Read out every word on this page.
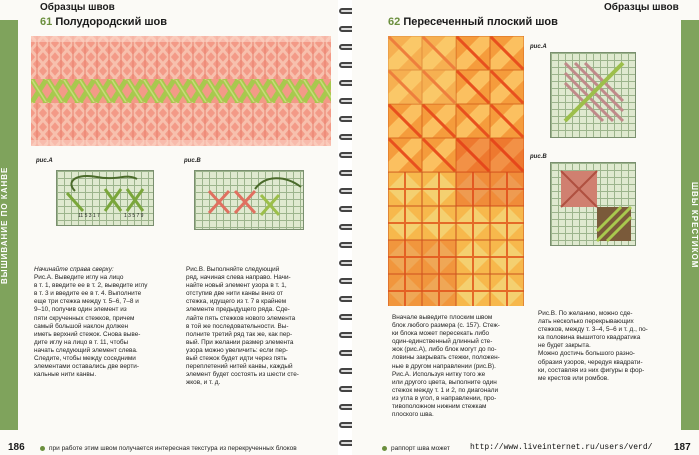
Образцы швов
ВЫШИВАНИЕ ПО КАНВЕ
61 Полудородский шов
рис.А
11 5 3 1 7	1 3 5 7 9
рис.В
Начинайте справа сверху:
Рис.А. Выведите иглу на лицо
в т. 1, введите ее в т. 2, выведите иглу
в т. 3 и введите ее в т. 4. Выполните
еще три стежка между т. 5–6, 7–8 и
9–10, получив один элемент из
пяти скрученных стежков, причем
самый большой наклон должен
иметь верхний стежок. Снова выве-
дите иглу на лицо в т. 11, чтобы
начать следующий элемент слева.
Следите, чтобы между соседними
элементами оставались две верти-
кальные нити канвы.
Рис.В. Выполняйте следующий
ряд, начиная слева направо. Начи-
найте новый элемент узора в т. 1,
отступив две нити канвы вниз от
стежка, идущего из т. 7 в крайнем
элементе предыдущего ряда. Сде-
лайте пять стежков нового элемента
в той же последовательности. Вы-
полните третий ряд так же, как пер-
вый. При желании размер элемента
узора можно увеличить: если пер-
вый стежок будет идти через пять
переплетений нитей канвы, каждый
элемент будет состоять из шести сте-
жков, и т. д.
186	при работе этим швом получается интересная текстура из перекрученных блоков
Образцы швов
ШВЫ КРЕСТИКОМ
62 Пересеченный плоский шов
рис.А
рис.В
Вначале выведите плоским швом
блок любого размера (с. 157). Стеж-
ки блока может пересекать либо
один-единственный длинный сте-
жок (рис.А), либо блок могут до по-
ловины закрывать стежки, положен-
ные в другом направлении (рис.В).
Рис.А. Используя нитку того же
или другого цвета, выполните один
стежок между т. 1 и 2, по диагонали
из угла в угол, в направлении, про-
тивоположном нижним стежкам
плоского шва.
Рис.В. По желанию, можно сде-
лать несколько перекрывающих
стежков, между т. 3–4, 5–6 и т. д., по-
ка половина вышитого квадратика
не будет закрыта.
Можно достичь большого разно-
образия узоров, чередуя квадрати-
ки, составляя из них фигуры в фор-
ме крестов или ромбов.
раппорт шва может	http://www.liveinternet.ru/users/verd/ 187
